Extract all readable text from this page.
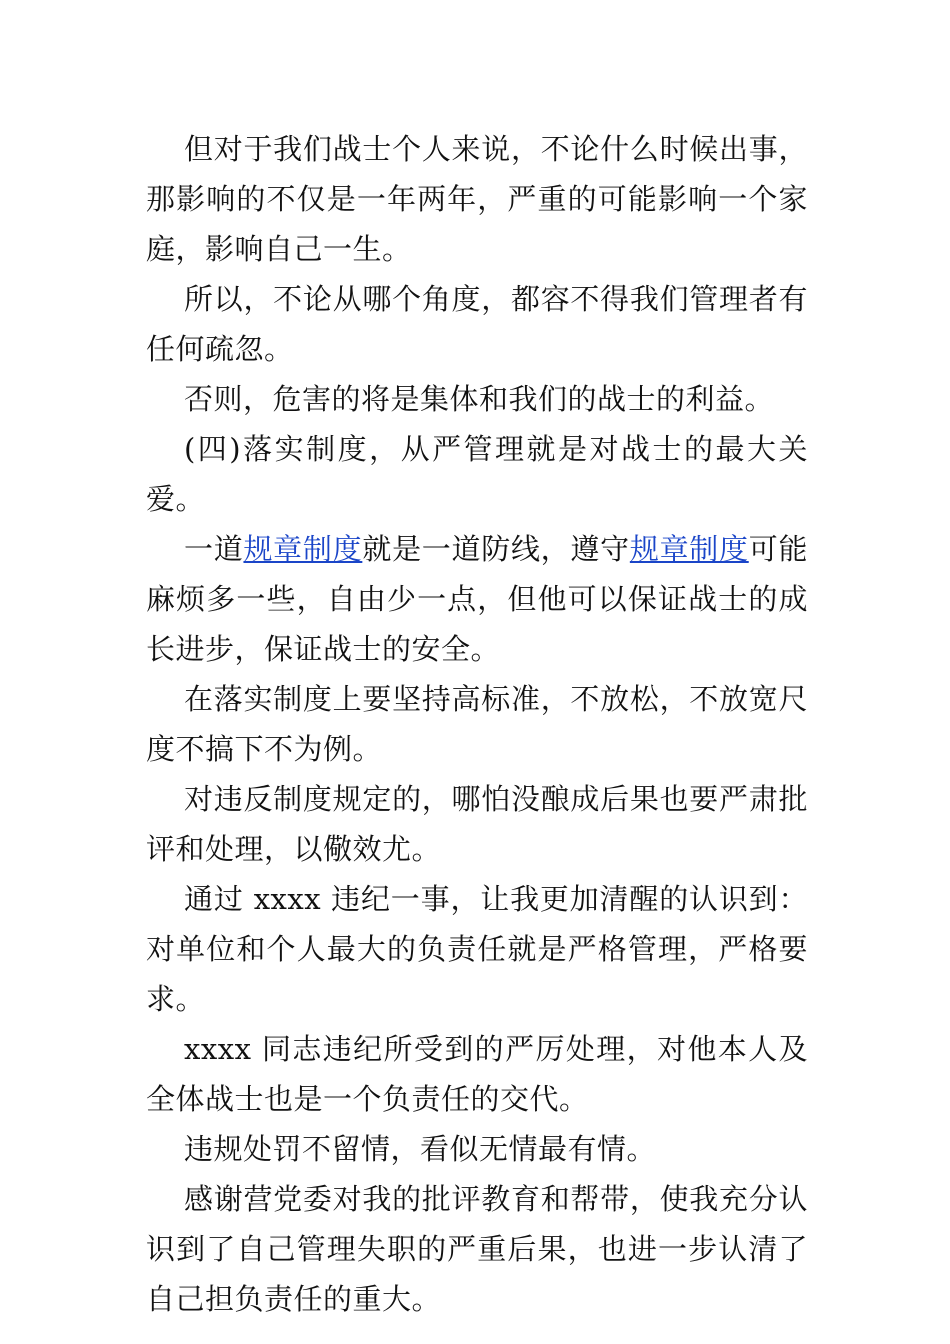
但对于我们战士个人来说，不论什么时候出事，那影响的不仅是一年两年，严重的可能影响一个家庭，影响自己一生。

所以，不论从哪个角度，都容不得我们管理者有任何疏忽。

否则，危害的将是集体和我们的战士的利益。

(四)落实制度，从严管理就是对战士的最大关爱。

一道规章制度就是一道防线，遵守规章制度可能麻烦多一些，自由少一点，但他可以保证战士的成长进步，保证战士的安全。

在落实制度上要坚持高标准，不放松，不放宽尺度不搞下不为例。

对违反制度规定的，哪怕没酿成后果也要严肃批评和处理，以儆效尤。

通过 xxxx 违纪一事，让我更加清醒的认识到：对单位和个人最大的负责任就是严格管理，严格要求。

xxxx 同志违纪所受到的严厉处理，对他本人及全体战士也是一个负责任的交代。

违规处罚不留情，看似无情最有情。

感谢营党委对我的批评教育和帮带，使我充分认识到了自己管理失职的严重后果，也进一步认清了自己担负责任的重大。
